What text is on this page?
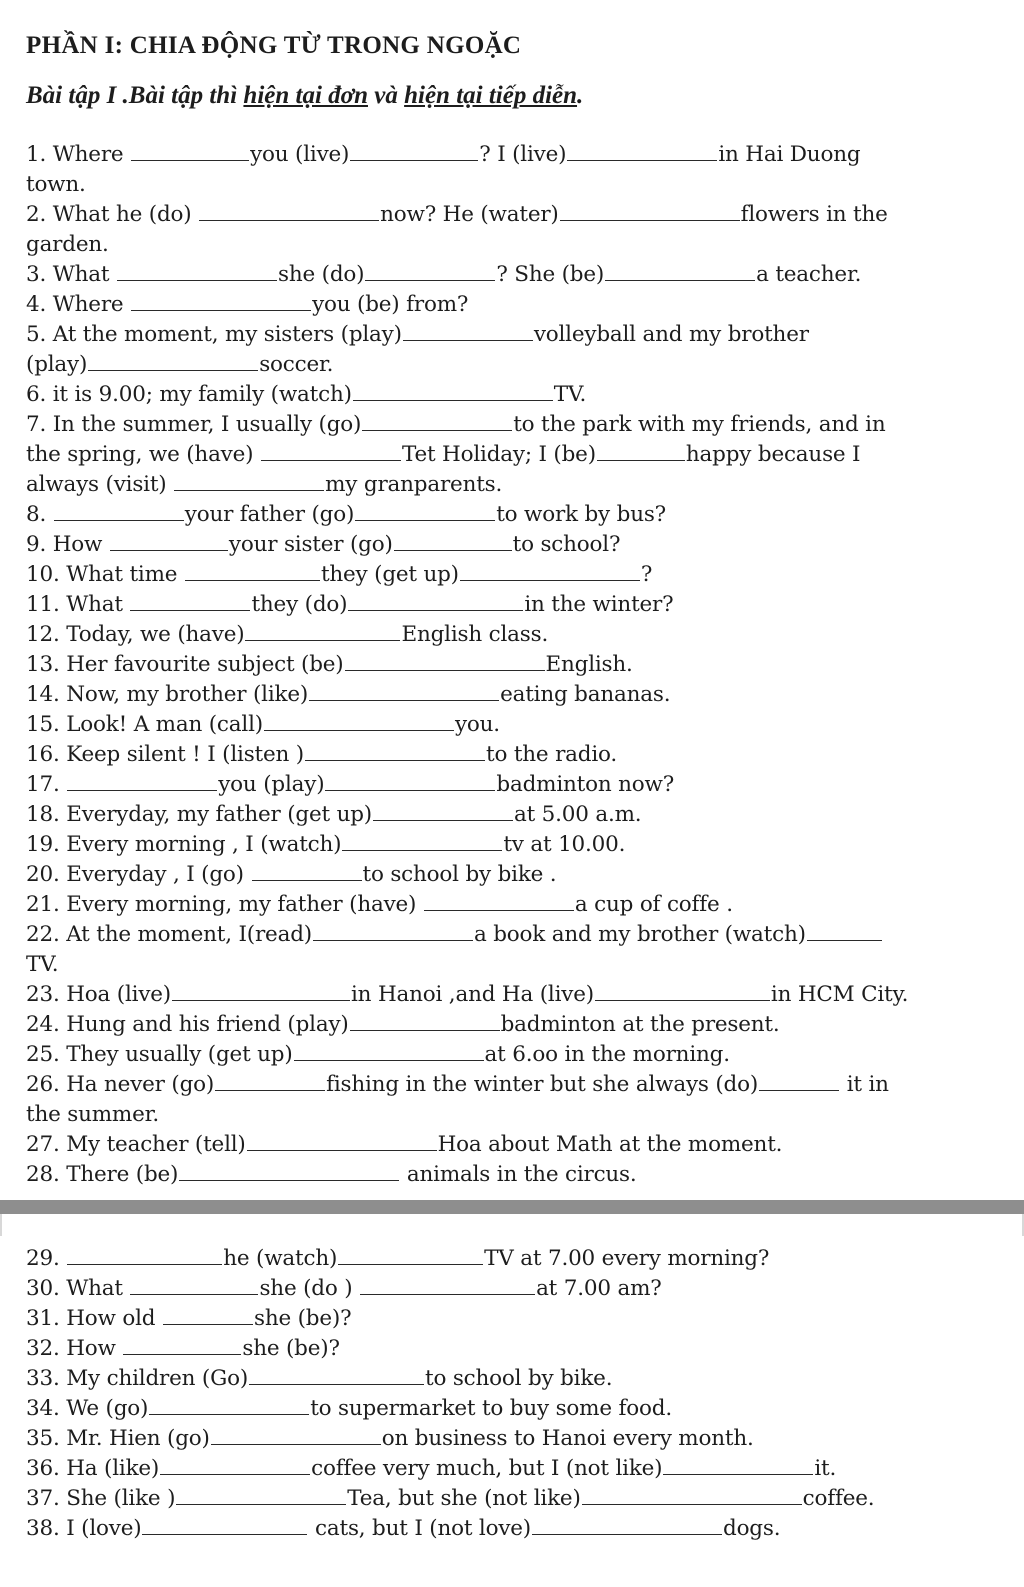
PHẦN I: CHIA ĐỘNG TỪ TRONG NGOẶC
Bài tập I .Bài tập thì hiện tại đơn và hiện tại tiếp diễn.
1. Where	you (live)	? I (live)	in Hai Duong
town.
2. What he (do)	now? He (water)	flowers in the
garden.
3. What	she (do)	? She (be)	a teacher.
4. Where	you (be) from?
5. At the moment, my sisters (play)	volleyball and my brother
(play)	soccer.
6. it is 9.00; my family (watch)	TV.
7. In the summer, I usually (go)	to the park with my friends, and in
the spring, we (have)	Tet Holiday; I (be)	happy because I
always (visit)	my granparents.
8.	your father (go)	to work by bus?
9. How	your sister (go)	to school?
10. What time	they (get up)	?
11. What	they (do)	in the winter?
12. Today, we (have)	English class.
13. Her favourite subject (be)	English.
14. Now, my brother (like)	eating bananas.
15. Look! A man (call)	you.
16. Keep silent ! I (listen )	to the radio.
17.	you (play)	badminton now?
18. Everyday, my father (get up)	at 5.00 a.m.
19. Every morning , I (watch)	tv at 10.00.
20. Everyday , I (go)	to school by bike .
21. Every morning, my father (have)	a cup of coffe .
22. At the moment, I(read)	a book and my brother (watch)
TV.
23. Hoa (live)	in Hanoi ,and Ha (live)	in HCM City.
24. Hung and his friend (play)	badminton at the present.
25. They usually (get up)	at 6.oo in the morning.
26. Ha never (go)	fishing in the winter but she always (do)	it in
the summer.
27. My teacher (tell)	Hoa about Math at the moment.
28. There (be)	animals in the circus.
29.	he (watch)	TV at 7.00 every morning?
30. What	she (do )	at 7.00 am?
31. How old	she (be)?
32. How	she (be)?
33. My children (Go)	to school by bike.
34. We (go)	to supermarket to buy some food.
35. Mr. Hien (go)	on business to Hanoi every month.
36. Ha (like)	coffee very much, but I (not like)	it.
37. She (like )	Tea, but she (not like)	coffee.
38. I (love)	cats, but I (not love)	dogs.
